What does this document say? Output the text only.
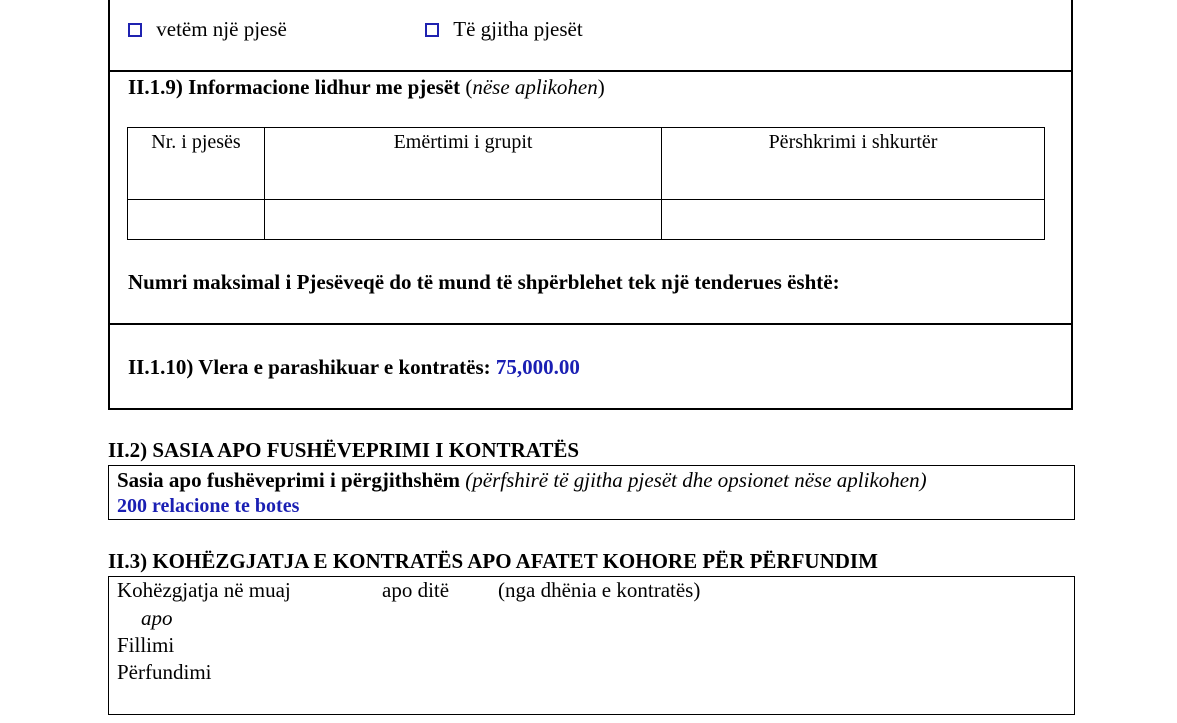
vetëm një pjesë	Të gjitha pjesët
II.1.9) Informacione lidhur me pjesët (nëse aplikohen)
Nr. i pjesës	Emërtimi i grupit	Përshkrimi i shkurtër

Numri maksimal i Pjesëveqë do të mund të shpërblehet tek një tenderues është:
II.1.10) Vlera e parashikuar e kontratës: 75,000.00
II.2) SASIA APO FUSHËVEPRIMI I KONTRATËS
Sasia apo fushëveprimi i përgjithshëm (përfshirë të gjitha pjesët dhe opsionet nëse aplikohen)
200 relacione te botes
II.3) KOHËZGJATJA E KONTRATËS APO AFATET KOHORE PËR PËRFUNDIM
Kohëzgjatja në muaj	apo ditë (nga dhënia e kontratës)
apo
Fillimi
Përfundimi
